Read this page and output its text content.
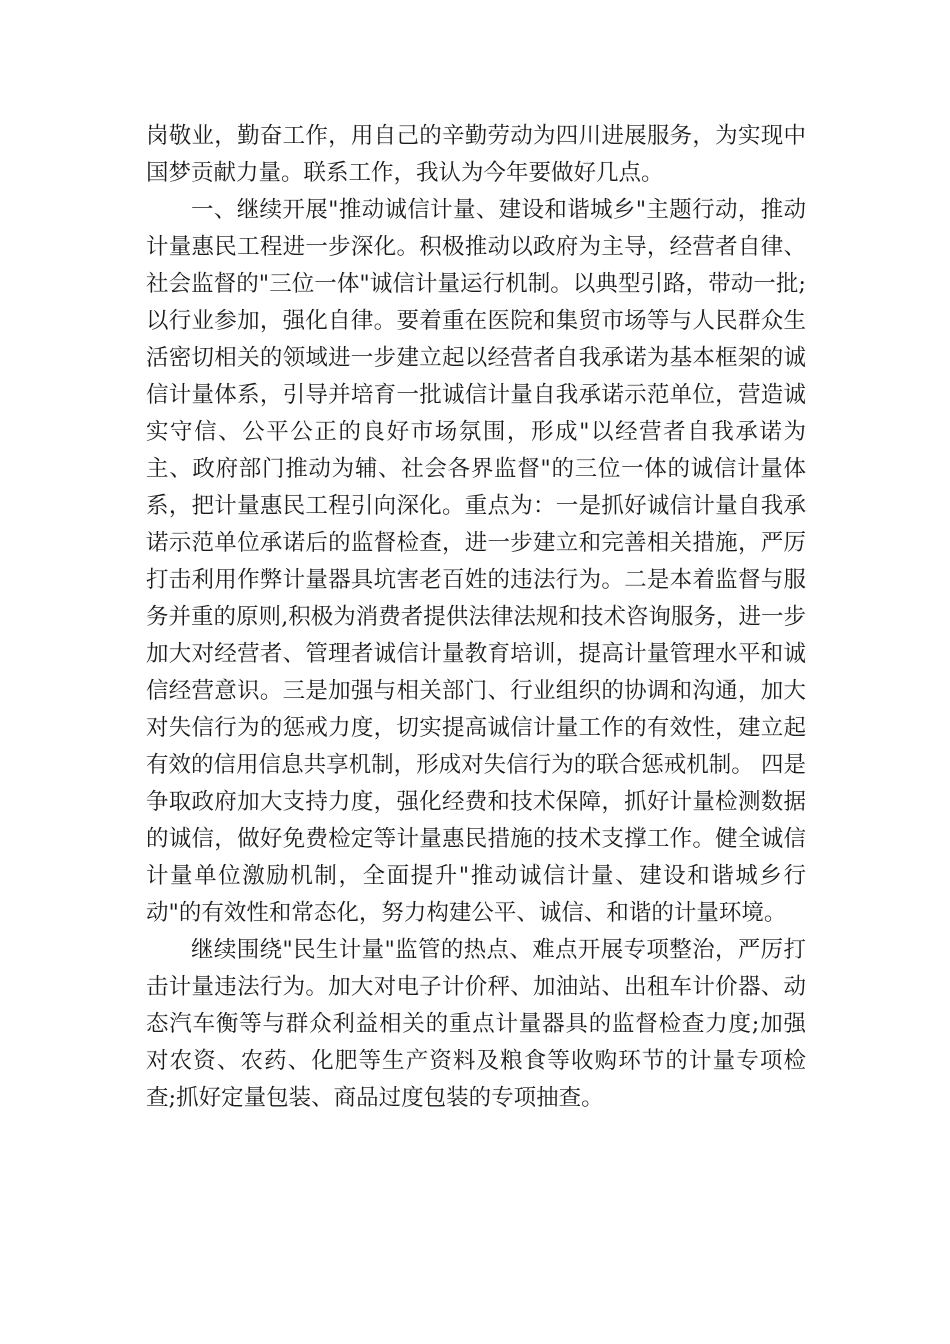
岗敬业，勤奋工作，用自己的辛勤劳动为四川进展服务，为实现中国梦贡献力量。联系工作，我认为今年要做好几点。

一、继续开展"推动诚信计量、建设和谐城乡"主题行动，推动计量惠民工程进一步深化。积极推动以政府为主导，经营者自律、社会监督的"三位一体"诚信计量运行机制。以典型引路，带动一批;以行业参加，强化自律。要着重在医院和集贸市场等与人民群众生活密切相关的领域进一步建立起以经营者自我承诺为基本框架的诚信计量体系，引导并培育一批诚信计量自我承诺示范单位，营造诚实守信、公平公正的良好市场氛围，形成"以经营者自我承诺为主、政府部门推动为辅、社会各界监督"的三位一体的诚信计量体系，把计量惠民工程引向深化。重点为：一是抓好诚信计量自我承诺示范单位承诺后的监督检查，进一步建立和完善相关措施，严厉打击利用作弊计量器具坑害老百姓的违法行为。二是本着监督与服务并重的原则,积极为消费者提供法律法规和技术咨询服务，进一步加大对经营者、管理者诚信计量教育培训，提高计量管理水平和诚信经营意识。三是加强与相关部门、行业组织的协调和沟通，加大对失信行为的惩戒力度，切实提高诚信计量工作的有效性，建立起有效的信用信息共享机制，形成对失信行为的联合惩戒机制。 四是争取政府加大支持力度，强化经费和技术保障，抓好计量检测数据的诚信，做好免费检定等计量惠民措施的技术支撑工作。健全诚信计量单位激励机制，全面提升"推动诚信计量、建设和谐城乡行动"的有效性和常态化，努力构建公平、诚信、和谐的计量环境。

继续围绕"民生计量"监管的热点、难点开展专项整治，严厉打击计量违法行为。加大对电子计价秤、加油站、出租车计价器、动态汽车衡等与群众利益相关的重点计量器具的监督检查力度;加强对农资、农药、化肥等生产资料及粮食等收购环节的计量专项检查;抓好定量包装、商品过度包装的专项抽查。
